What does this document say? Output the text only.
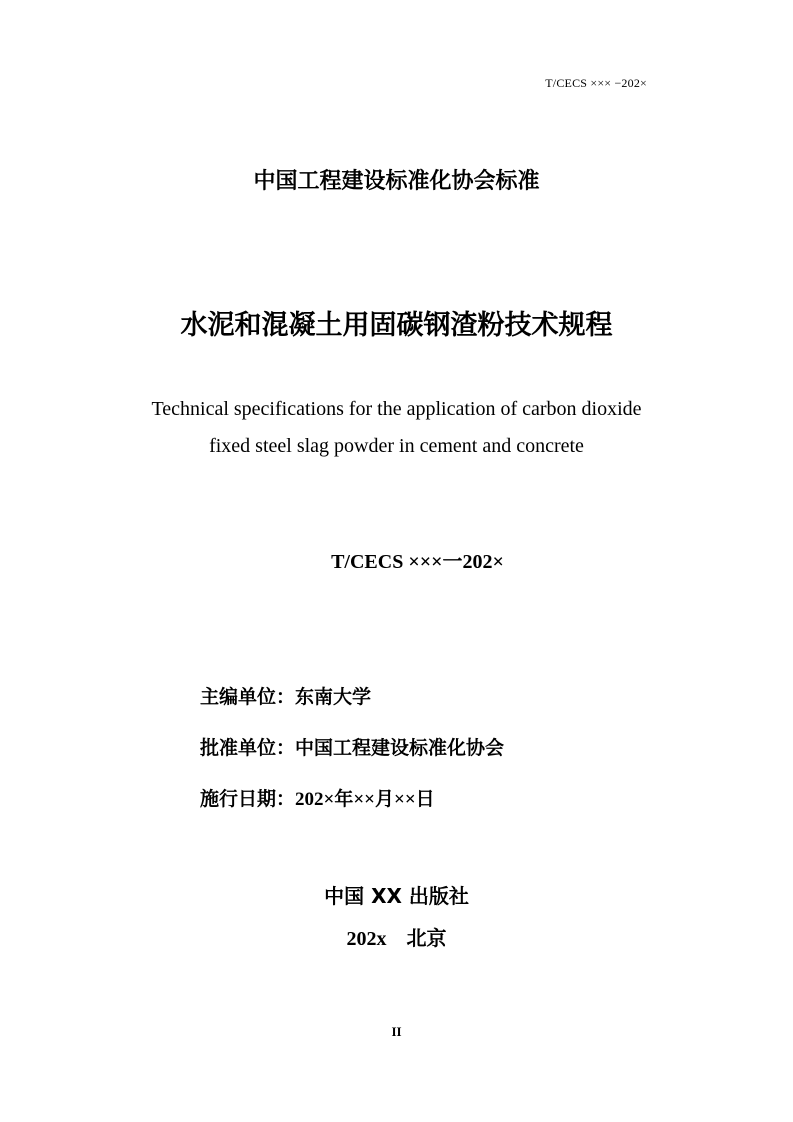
T/CECS ××× −202×
中国工程建设标准化协会标准
水泥和混凝土用固碳钢渣粉技术规程
Technical specifications for the application of carbon dioxide
fixed steel slag powder in cement and concrete
T/CECS ×××一202×
主编单位：东南大学
批准单位：中国工程建设标准化协会
施行日期：202×年××月××日
中国 XX 出版社
202x　北京
II
